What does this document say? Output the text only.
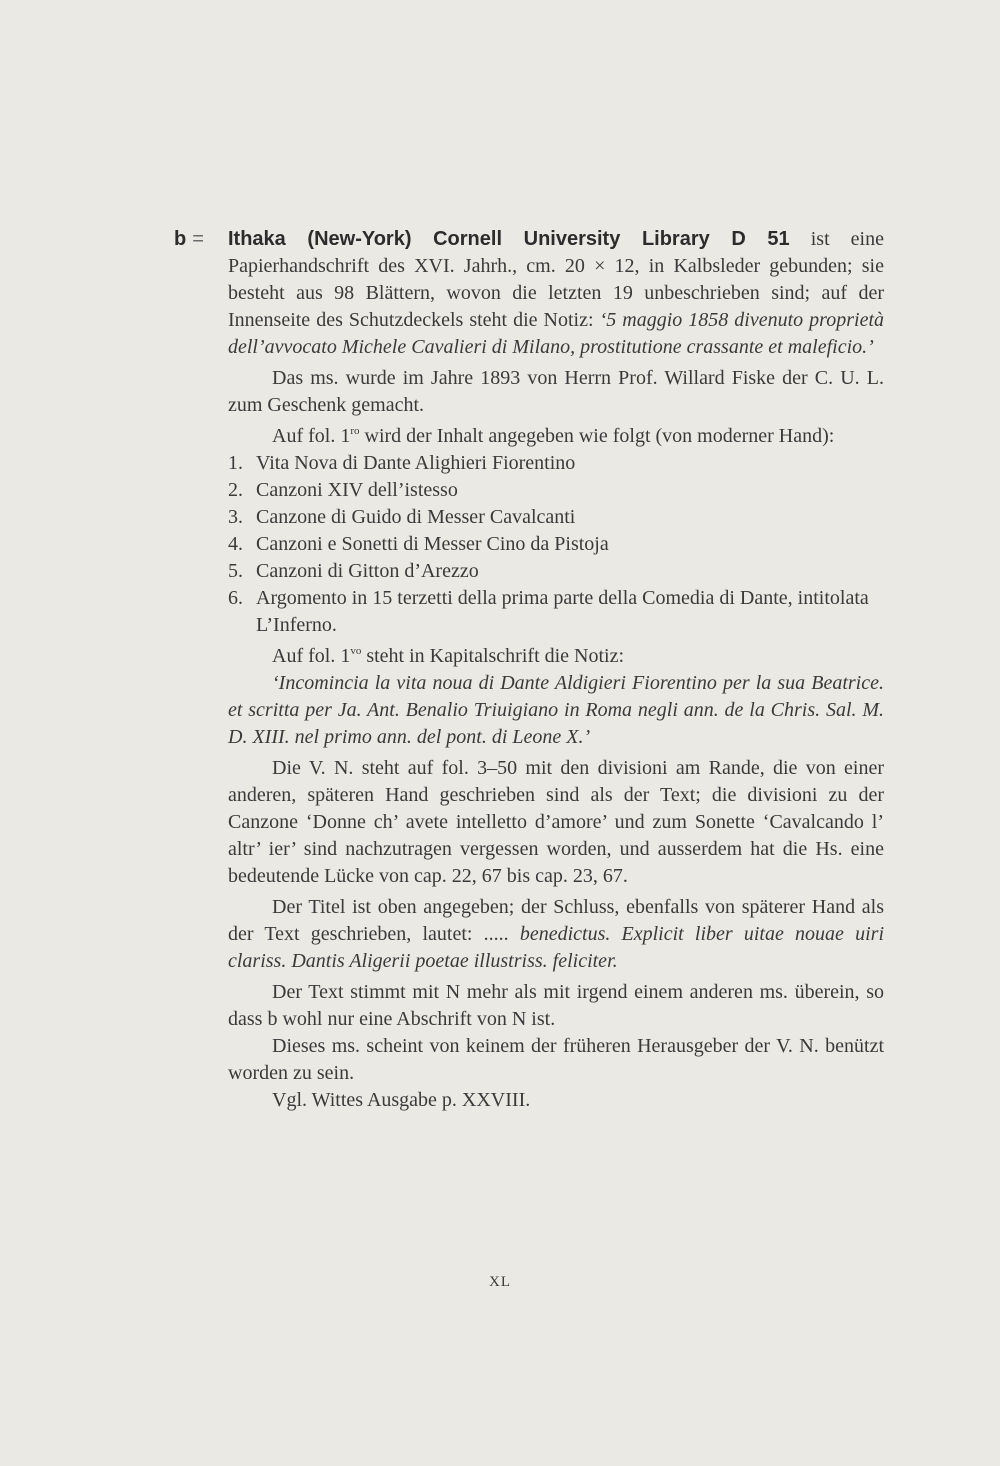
b = Ithaka (New-York) Cornell University Library D 51 ist eine Papierhandschrift des XVI. Jahrh., cm. 20 × 12, in Kalbsleder gebunden; sie besteht aus 98 Blättern, wovon die letzten 19 unbeschrieben sind; auf der Innenseite des Schutzdeckels steht die Notiz: ‘5 maggio 1858 divenuto proprietà dell’avvocato Michele Cavalieri di Milano, prostitutione crassante et maleficio.’

Das ms. wurde im Jahre 1893 von Herrn Prof. Willard Fiske der C. U. L. zum Geschenk gemacht.

Auf fol. $1^{ro}$ wird der Inhalt angegeben wie folgt (von moderner Hand):

1. Vita Nova di Dante Alighieri Fiorentino
2. Canzoni XIV dell’istesso
3. Canzone di Guido di Messer Cavalcanti
4. Canzoni e Sonetti di Messer Cino da Pistoja
5. Canzoni di Gitton d’Arezzo
6. Argomento in 15 terzetti della prima parte della Comedia di Dante, intitolata L’Inferno.

Auf fol. $1^{vo}$ steht in Kapitalschrift die Notiz:

‘Incomincia la vita noua di Dante Aldigieri Fiorentino per la sua Beatrice. et scritta per Ja. Ant. Benalio Triuigiano in Roma negli ann. de la Chris. Sal. M. D. XIII. nel primo ann. del pont. di Leone X.’

Die V. N. steht auf fol. 3–50 mit den divisioni am Rande, die von einer anderen, späteren Hand geschrieben sind als der Text; die divisioni zu der Canzone ‘Donne ch’ avete intelletto d’amore’ und zum Sonette ‘Cavalcando l’ altr’ ier’ sind nachzutragen vergessen worden, und ausserdem hat die Hs. eine bedeutende Lücke von cap. 22, 67 bis cap. 23, 67.

Der Titel ist oben angegeben; der Schluss, ebenfalls von späterer Hand als der Text geschrieben, lautet: ..... benedictus. Explicit liber uitae nouae uiri clariss. Dantis Aligerii poetae illustriss. feliciter.

Der Text stimmt mit N mehr als mit irgend einem anderen ms. überein, so dass b wohl nur eine Abschrift von N ist.

Dieses ms. scheint von keinem der früheren Herausgeber der V. N. benützt worden zu sein.

Vgl. Wittes Ausgabe p. XXVIII.

XL
